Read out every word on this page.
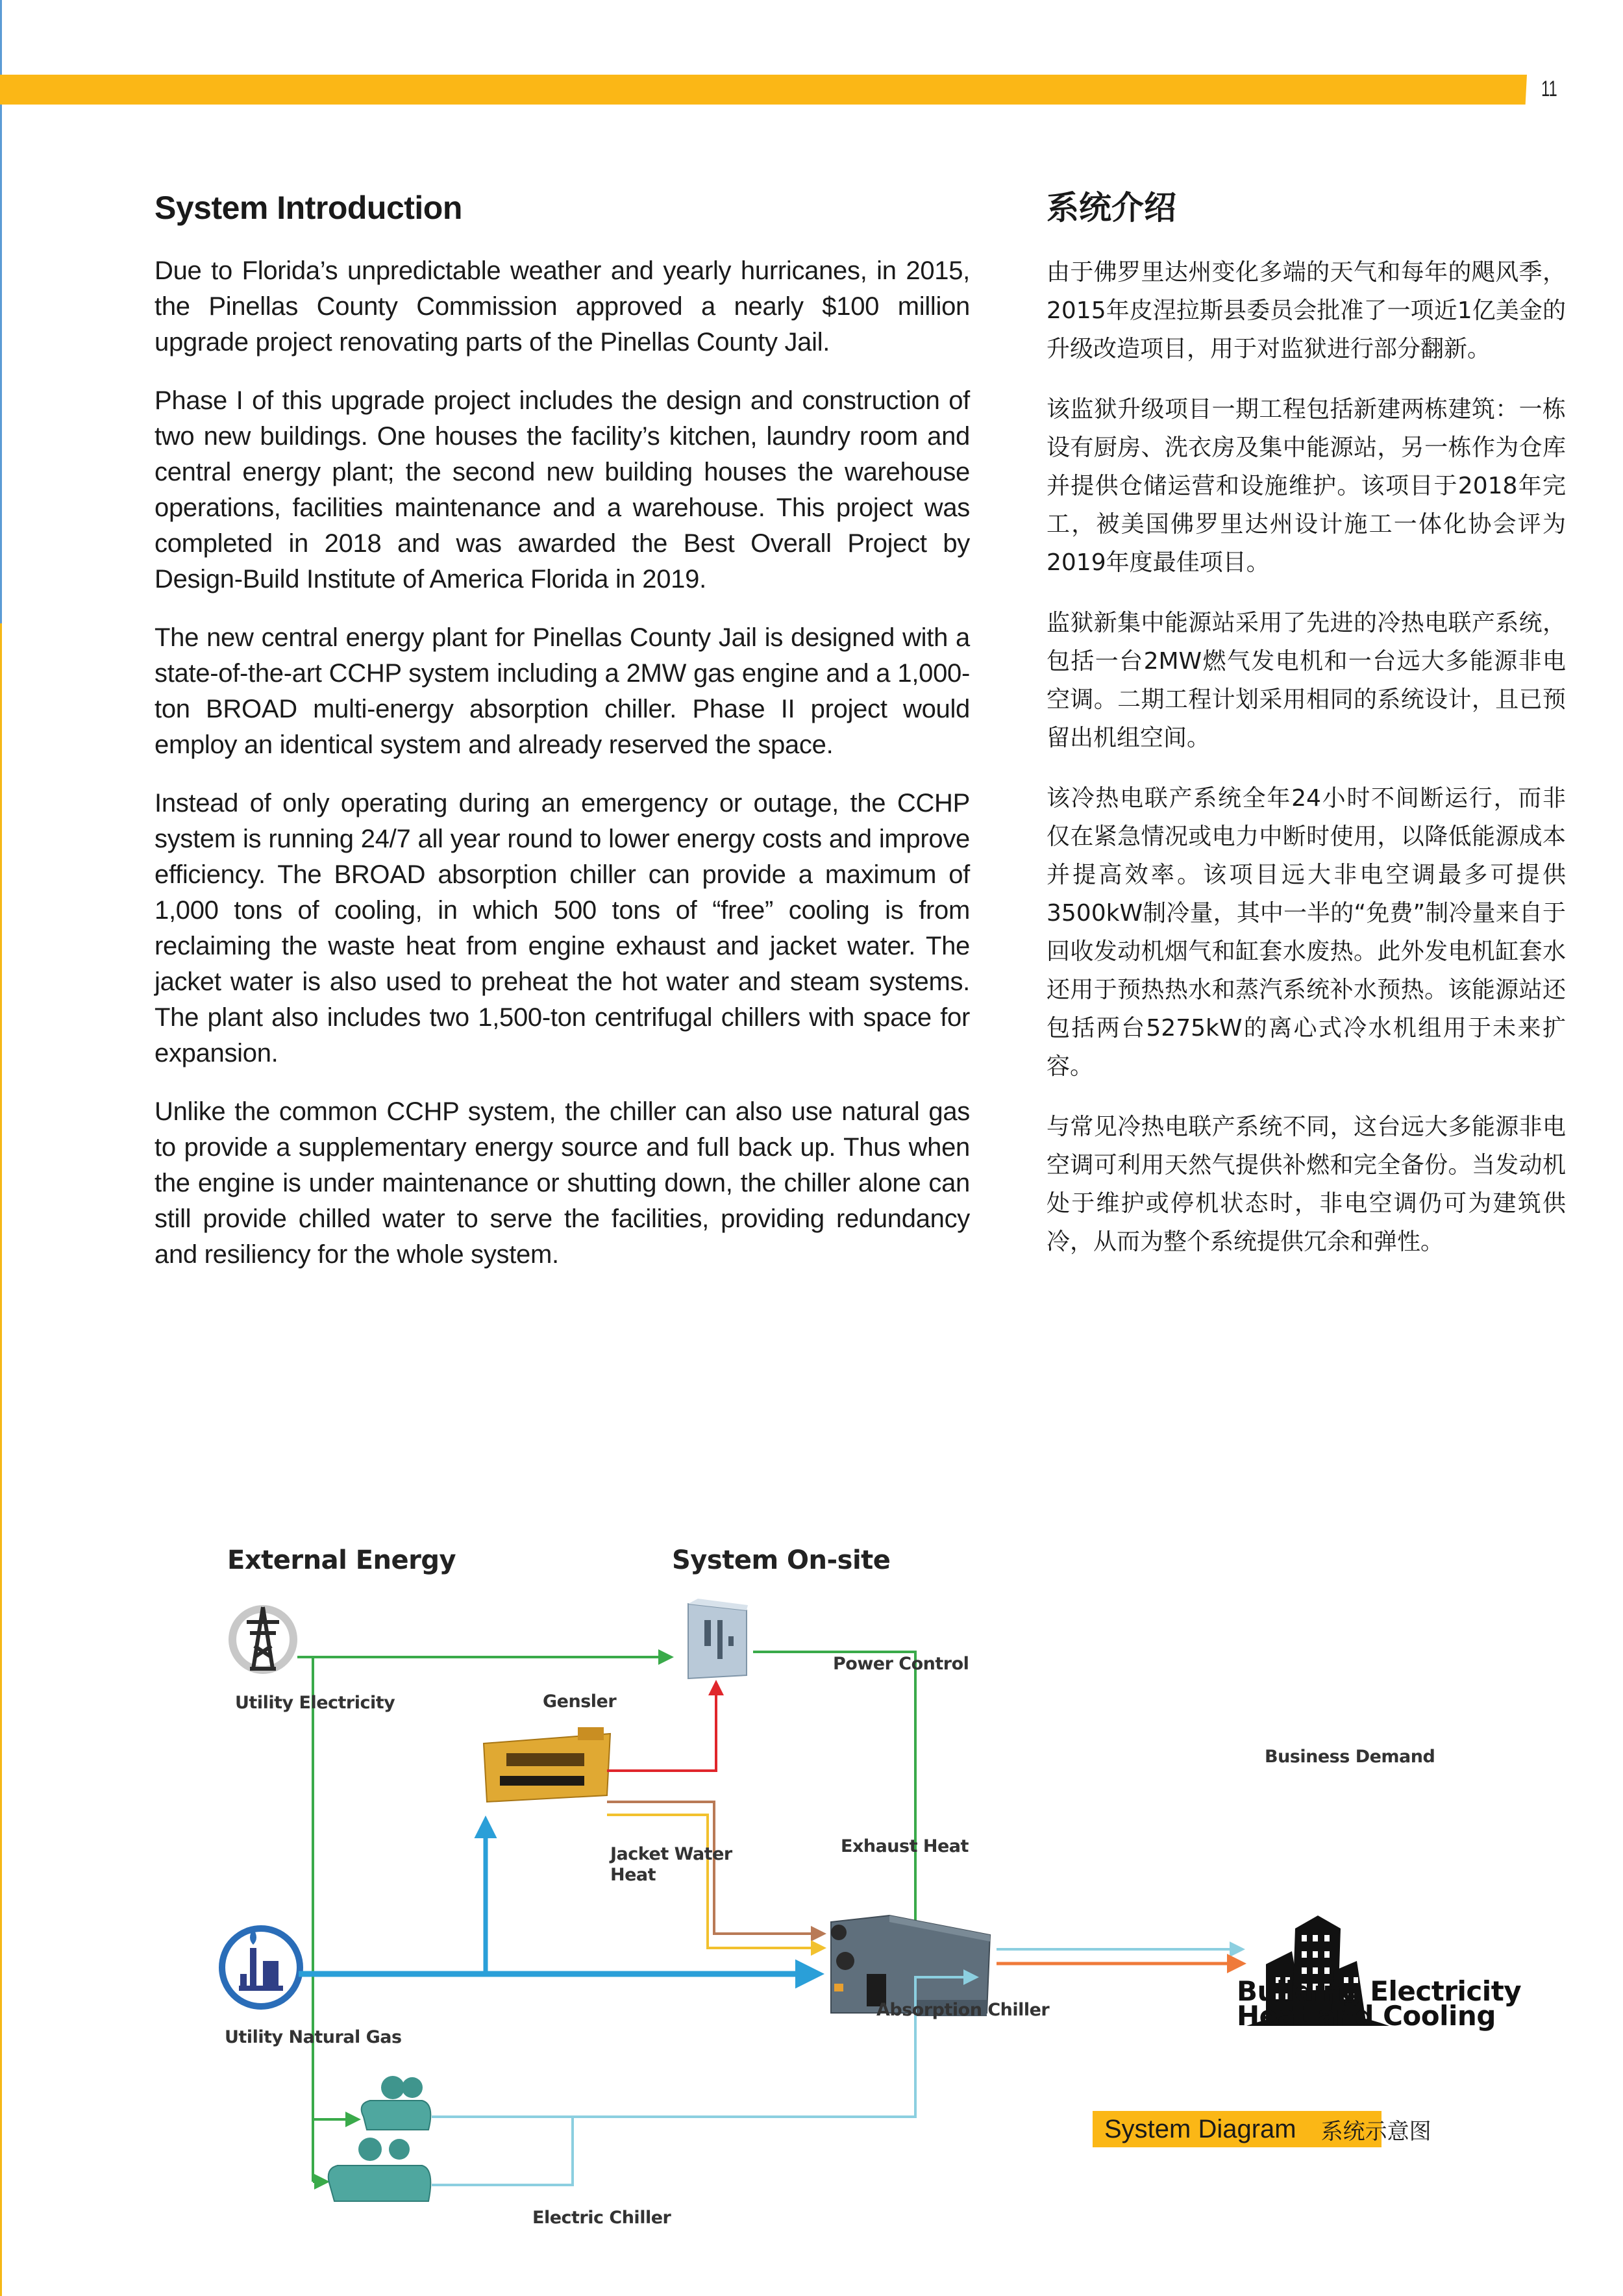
11
System Introduction

Due to Florida’s unpredictable weather and yearly hurricanes, in 2015, the Pinellas County Commission approved a nearly $100 million upgrade project renovating parts of the Pinellas County Jail.

Phase I of this upgrade project includes the design and construction of two new buildings. One houses the facility’s kitchen, laundry room and central energy plant; the second new building houses the warehouse operations, facilities maintenance and a warehouse. This project was completed in 2018 and was awarded the Best Overall Project by Design-Build Institute of America Florida in 2019.

The new central energy plant for Pinellas County Jail is designed with a state-of-the-art CCHP system including a 2MW gas engine and a 1,000-ton BROAD multi-energy absorption chiller. Phase II project would employ an identical system and already reserved the space.

Instead of only operating during an emergency or outage, the CCHP system is running 24/7 all year round to lower energy costs and improve efficiency. The BROAD absorption chiller can provide a maximum of 1,000 tons of cooling, in which 500 tons of “free” cooling is from reclaiming the waste heat from engine exhaust and jacket water. The jacket water is also used to preheat the hot water and steam systems. The plant also includes two 1,500-ton centrifugal chillers with space for expansion.

Unlike the common CCHP system, the chiller can also use natural gas to provide a supplementary energy source and full back up. Thus when the engine is under maintenance or shutting down, the chiller alone can still provide chilled water to serve the facilities, providing redundancy and resiliency for the whole system.

系统介绍

由于佛罗里达州变化多端的天气和每年的飓风季，2015年皮涅拉斯县委员会批准了一项近1亿美金的升级改造项目，用于对监狱进行部分翻新。

该监狱升级项目一期工程包括新建两栋建筑：一栋设有厨房、洗衣房及集中能源站，另一栋作为仓库并提供仓储运营和设施维护。该项目于2018年完工，被美国佛罗里达州设计施工一体化协会评为2019年度最佳项目。

监狱新集中能源站采用了先进的冷热电联产系统，包括一台2MW燃气发电机和一台远大多能源非电空调。二期工程计划采用相同的系统设计，且已预留出机组空间。

该冷热电联产系统全年24小时不间断运行，而非仅在紧急情况或电力中断时使用，以降低能源成本并提高效率。该项目远大非电空调最多可提供3500kW制冷量，其中一半的“免费”制冷量来自于回收发动机烟气和缸套水废热。此外发电机缸套水还用于预热热水和蒸汽系统补水预热。该能源站还包括两台5275kW的离心式冷水机组用于未来扩容。

与常见冷热电联产系统不同，这台远大多能源非电空调可利用天然气提供补燃和完全备份。当发动机处于维护或停机状态时，非电空调仍可为建筑供冷，从而为整个系统提供冗余和弹性。

External Energy	System On-site
Utility Electricity	Gensler
Power Control
Business Demand
Jacket Water
Heat
Exhaust Heat
Absorption Chiller
Utility Natural Gas
Electric Chiller
Building Electricity
Heat and Cooling
System Diagram 系统示意图
